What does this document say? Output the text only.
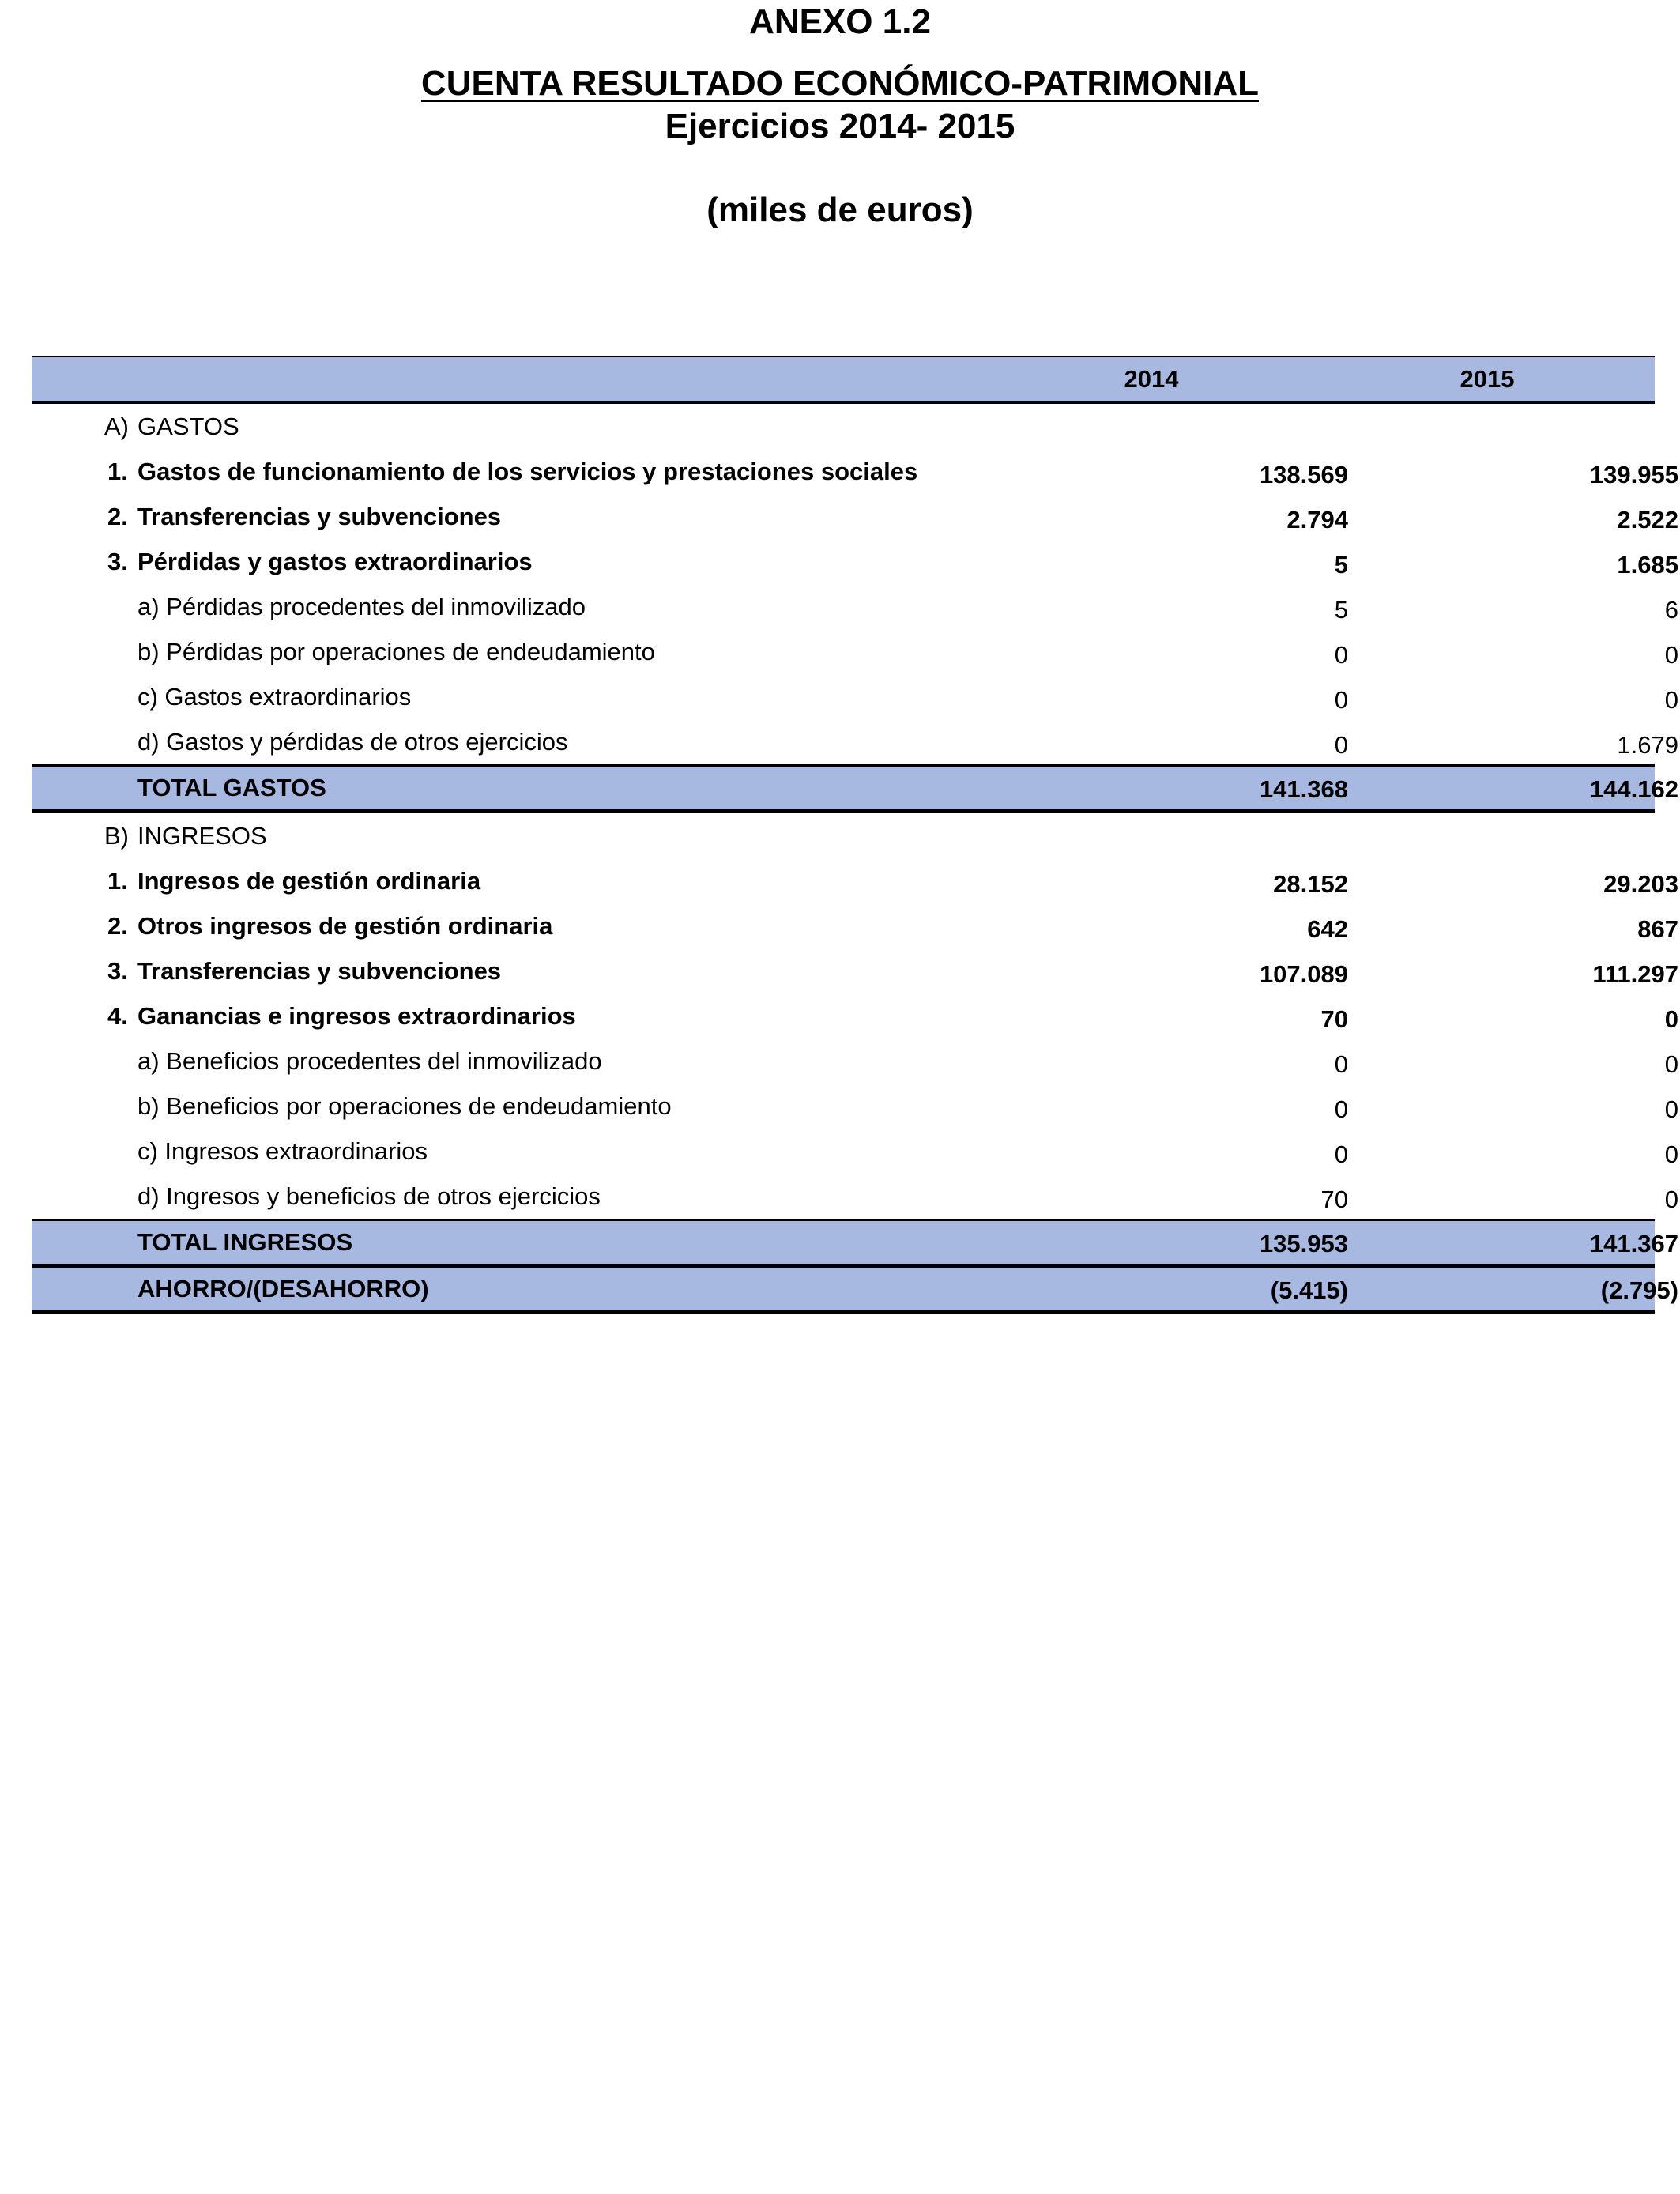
ANEXO 1.2
CUENTA RESULTADO ECONÓMICO-PATRIMONIAL
Ejercicios 2014- 2015
(miles de euros)
2014	2015
A) GASTOS
1. Gastos de funcionamiento de los servicios y prestaciones sociales	138.569	139.955
2. Transferencias y subvenciones	2.794	2.522
3. Pérdidas y gastos extraordinarios	5	1.685
a) Pérdidas procedentes del inmovilizado	5	6
b) Pérdidas por operaciones de endeudamiento	0	0
c) Gastos extraordinarios	0	0
d) Gastos y pérdidas de otros ejercicios	0	1.679
TOTAL GASTOS	141.368	144.162
B) INGRESOS
1. Ingresos de gestión ordinaria	28.152	29.203
2. Otros ingresos de gestión ordinaria	642	867
3. Transferencias y subvenciones	107.089	111.297
4. Ganancias e ingresos extraordinarios	70	0
a) Beneficios procedentes del inmovilizado	0	0
b) Beneficios por operaciones de endeudamiento	0	0
c) Ingresos extraordinarios	0	0
d) Ingresos y beneficios de otros ejercicios	70	0
TOTAL INGRESOS	135.953	141.367
AHORRO/(DESAHORRO)	(5.415)	(2.795)
